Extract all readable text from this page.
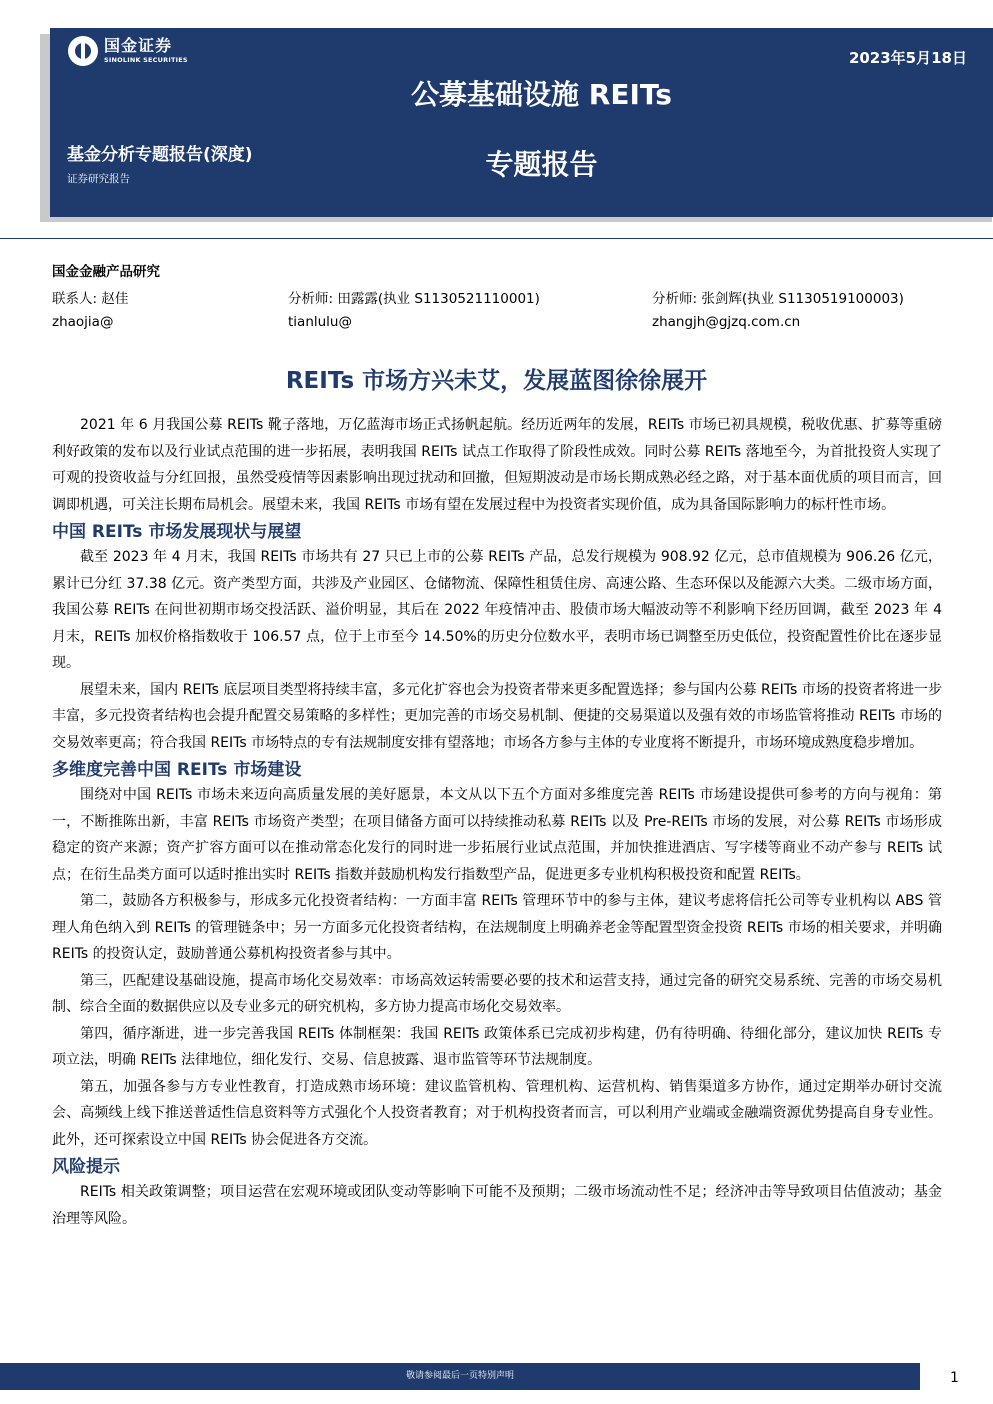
国金证券
SINOLINK SECURITIES	2023年5月18日
公募基础设施 REITs
专题报告
基金分析专题报告(深度)
证券研究报告
国金金融产品研究
联系人: 赵佳	分析师: 田露露(执业 S1130521110001)	分析师: 张剑辉(执业 S1130519100003)
zhaojia@	tianlulu@	zhangjh@gjzq.com.cn
REITs 市场方兴未艾，发展蓝图徐徐展开

2021 年 6 月我国公募 REITs 靴子落地，万亿蓝海市场正式扬帆起航。经历近两年的发展，REITs 市场已初具规模，税收优惠、扩募等重磅利好政策的发布以及行业试点范围的进一步拓展，表明我国 REITs 试点工作取得了阶段性成效。同时公募 REITs 落地至今，为首批投资人实现了可观的投资收益与分红回报，虽然受疫情等因素影响出现过扰动和回撤，但短期波动是市场长期成熟必经之路，对于基本面优质的项目而言，回调即机遇，可关注长期布局机会。展望未来，我国 REITs 市场有望在发展过程中为投资者实现价值，成为具备国际影响力的标杆性市场。

中国 REITs 市场发展现状与展望

截至 2023 年 4 月末，我国 REITs 市场共有 27 只已上市的公募 REITs 产品，总发行规模为 908.92 亿元，总市值规模为 906.26 亿元，累计已分红 37.38 亿元。资产类型方面，共涉及产业园区、仓储物流、保障性租赁住房、高速公路、生态环保以及能源六大类。二级市场方面，我国公募 REITs 在问世初期市场交投活跃、溢价明显，其后在 2022 年疫情冲击、股债市场大幅波动等不利影响下经历回调，截至 2023 年 4 月末，REITs 加权价格指数收于 106.57 点，位于上市至今 14.50%的历史分位数水平，表明市场已调整至历史低位，投资配置性价比在逐步显现。

展望未来，国内 REITs 底层项目类型将持续丰富，多元化扩容也会为投资者带来更多配置选择；参与国内公募 REITs 市场的投资者将进一步丰富，多元投资者结构也会提升配置交易策略的多样性；更加完善的市场交易机制、便捷的交易渠道以及强有效的市场监管将推动 REITs 市场的交易效率更高；符合我国 REITs 市场特点的专有法规制度安排有望落地；市场各方参与主体的专业度将不断提升，市场环境成熟度稳步增加。

多维度完善中国 REITs 市场建设

围绕对中国 REITs 市场未来迈向高质量发展的美好愿景，本文从以下五个方面对多维度完善 REITs 市场建设提供可参考的方向与视角：第一，不断推陈出新，丰富 REITs 市场资产类型；在项目储备方面可以持续推动私募 REITs 以及 Pre-REITs 市场的发展，对公募 REITs 市场形成稳定的资产来源；资产扩容方面可以在推动常态化发行的同时进一步拓展行业试点范围，并加快推进酒店、写字楼等商业不动产参与 REITs 试点；在衍生品类方面可以适时推出实时 REITs 指数并鼓励机构发行指数型产品，促进更多专业机构积极投资和配置 REITs。

第二，鼓励各方积极参与，形成多元化投资者结构：一方面丰富 REITs 管理环节中的参与主体，建议考虑将信托公司等专业机构以 ABS 管理人角色纳入到 REITs 的管理链条中；另一方面多元化投资者结构，在法规制度上明确养老金等配置型资金投资 REITs 市场的相关要求，并明确 REITs 的投资认定，鼓励普通公募机构投资者参与其中。

第三，匹配建设基础设施，提高市场化交易效率：市场高效运转需要必要的技术和运营支持，通过完备的研究交易系统、完善的市场交易机制、综合全面的数据供应以及专业多元的研究机构，多方协力提高市场化交易效率。

第四，循序渐进，进一步完善我国 REITs 体制框架：我国 REITs 政策体系已完成初步构建，仍有待明确、待细化部分，建议加快 REITs 专项立法，明确 REITs 法律地位，细化发行、交易、信息披露、退市监管等环节法规制度。

第五，加强各参与方专业性教育，打造成熟市场环境：建议监管机构、管理机构、运营机构、销售渠道多方协作，通过定期举办研讨交流会、高频线上线下推送普适性信息资料等方式强化个人投资者教育；对于机构投资者而言，可以利用产业端或金融端资源优势提高自身专业性。此外，还可探索设立中国 REITs 协会促进各方交流。

风险提示

REITs 相关政策调整；项目运营在宏观环境或团队变动等影响下可能不及预期；二级市场流动性不足；经济冲击等导致项目估值波动；基金治理等风险。

敬请参阅最后一页特别声明	1
